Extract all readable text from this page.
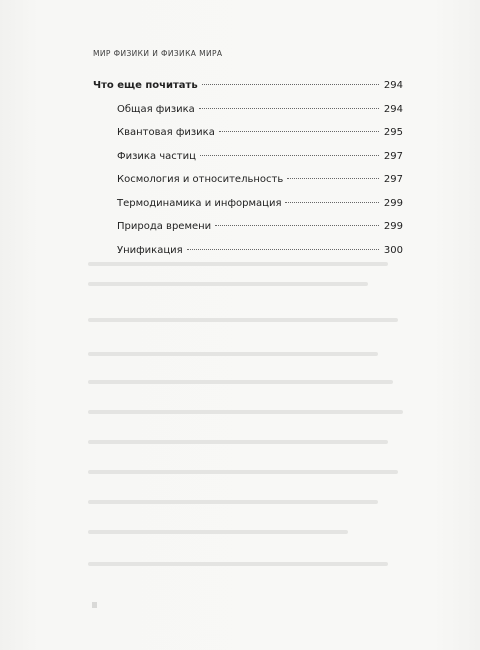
МИР ФИЗИКИ И ФИЗИКА МИРА
Что еще почитать	294
Общая физика	294
Квантовая физика	295
Физика частиц	297
Космология и относительность	297
Термодинамика и информация	299
Природа времени	299
Унификация	300
